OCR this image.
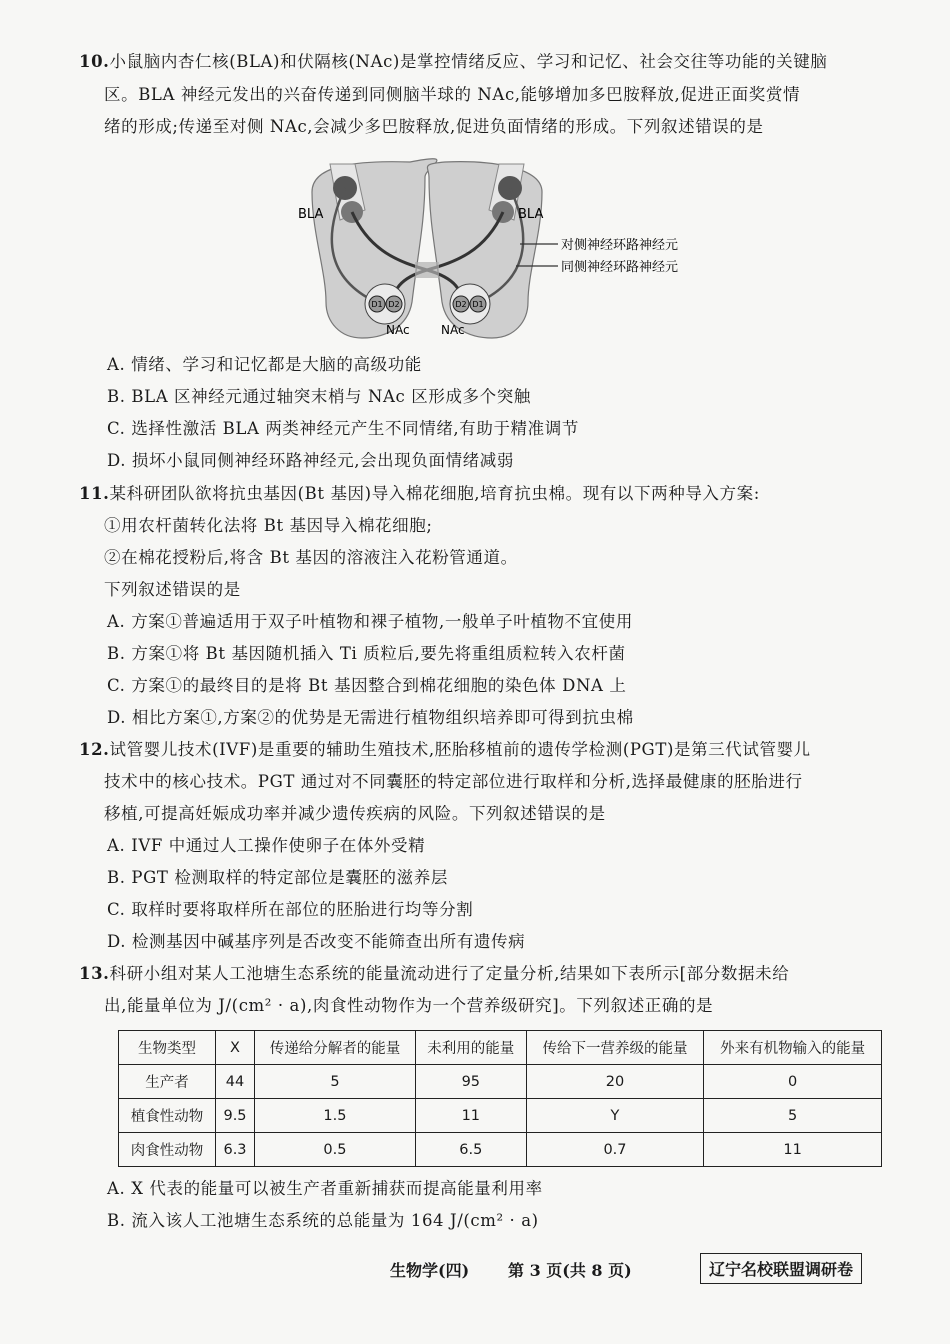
10.小鼠脑内杏仁核(BLA)和伏隔核(NAc)是掌控情绪反应、学习和记忆、社会交往等功能的关键脑
区。BLA 神经元发出的兴奋传递到同侧脑半球的 NAc,能够增加多巴胺释放,促进正面奖赏情
绪的形成;传递至对侧 NAc,会减少多巴胺释放,促进负面情绪的形成。下列叙述错误的是
D1 D2	D2 D1
BLA	BLA
NAc	NAc
对侧神经环路神经元
同侧神经环路神经元
A. 情绪、学习和记忆都是大脑的高级功能
B. BLA 区神经元通过轴突末梢与 NAc 区形成多个突触
C. 选择性激活 BLA 两类神经元产生不同情绪,有助于精准调节
D. 损坏小鼠同侧神经环路神经元,会出现负面情绪减弱
11.某科研团队欲将抗虫基因(Bt 基因)导入棉花细胞,培育抗虫棉。现有以下两种导入方案:
①用农杆菌转化法将 Bt 基因导入棉花细胞;
②在棉花授粉后,将含 Bt 基因的溶液注入花粉管通道。
下列叙述错误的是
A. 方案①普遍适用于双子叶植物和裸子植物,一般单子叶植物不宜使用
B. 方案①将 Bt 基因随机插入 Ti 质粒后,要先将重组质粒转入农杆菌
C. 方案①的最终目的是将 Bt 基因整合到棉花细胞的染色体 DNA 上
D. 相比方案①,方案②的优势是无需进行植物组织培养即可得到抗虫棉
12.试管婴儿技术(IVF)是重要的辅助生殖技术,胚胎移植前的遗传学检测(PGT)是第三代试管婴儿
技术中的核心技术。PGT 通过对不同囊胚的特定部位进行取样和分析,选择最健康的胚胎进行
移植,可提高妊娠成功率并减少遗传疾病的风险。下列叙述错误的是
A. IVF 中通过人工操作使卵子在体外受精
B. PGT 检测取样的特定部位是囊胚的滋养层
C. 取样时要将取样所在部位的胚胎进行均等分割
D. 检测基因中碱基序列是否改变不能筛查出所有遗传病
13.科研小组对某人工池塘生态系统的能量流动进行了定量分析,结果如下表所示[部分数据未给
出,能量单位为 J/(cm² · a),肉食性动物作为一个营养级研究]。下列叙述正确的是
生物类型	X	传递给分解者的能量	未利用的能量	传给下一营养级的能量	外来有机物输入的能量
生产者	44	5	95	20	0
植食性动物	9.5	1.5	11	Y	5
肉食性动物	6.3	0.5	6.5	0.7	11
A. X 代表的能量可以被生产者重新捕获而提高能量利用率
B. 流入该人工池塘生态系统的总能量为 164 J/(cm² · a)
生物学(四) 第 3 页(共 8 页)	辽宁名校联盟调研卷
